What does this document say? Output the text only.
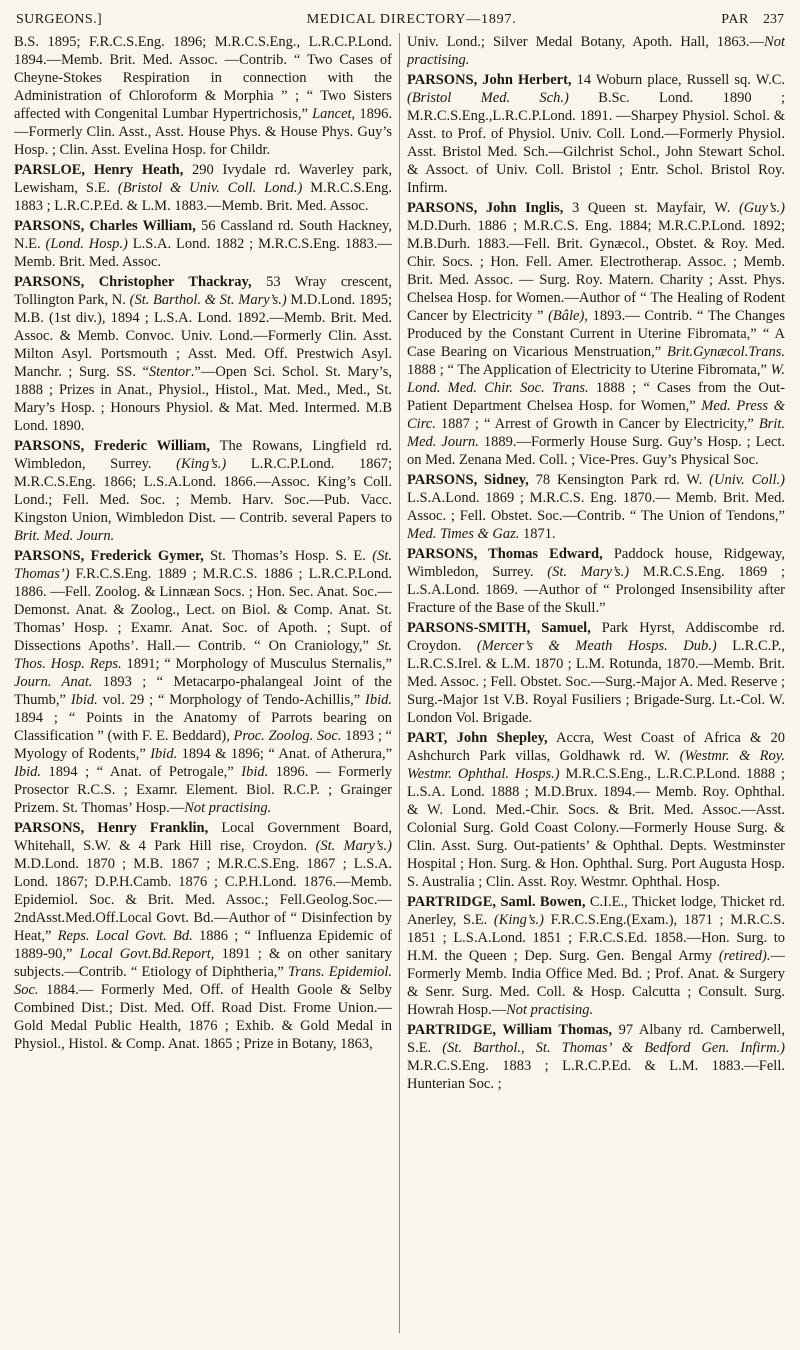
SURGEONS.]	MEDICAL DIRECTORY—1897.	PAR 237

B.S. 1895; F.R.C.S.Eng. 1896; M.R.C.S.Eng., L.R.C.P.Lond. 1894.—Memb. Brit. Med. Assoc. —Contrib. “ Two Cases of Cheyne-Stokes Respiration in connection with the Administration of Chloroform & Morphia ” ; “ Two Sisters affected with Congenital Lumbar Hypertrichosis,” Lancet, 1896.—Formerly Clin. Asst., Asst. House Phys. & House Phys. Guy’s Hosp. ; Clin. Asst. Evelina Hosp. for Childr.

PARSLOE, Henry Heath, 290 Ivydale rd. Waverley park, Lewisham, S.E. (Bristol & Univ. Coll. Lond.) M.R.C.S.Eng. 1883 ; L.R.C.P.Ed. & L.M. 1883.—Memb. Brit. Med. Assoc.

PARSONS, Charles William, 56 Cassland rd. South Hackney, N.E. (Lond. Hosp.) L.S.A. Lond. 1882 ; M.R.C.S.Eng. 1883.—Memb. Brit. Med. Assoc.

PARSONS, Christopher Thackray, 53 Wray crescent, Tollington Park, N. (St. Barthol. & St. Mary’s.) M.D.Lond. 1895; M.B. (1st div.), 1894 ; L.S.A. Lond. 1892.—Memb. Brit. Med. Assoc. & Memb. Convoc. Univ. Lond.—Formerly Clin. Asst. Milton Asyl. Portsmouth ; Asst. Med. Off. Prestwich Asyl. Manchr. ; Surg. SS. “Stentor.”—Open Sci. Schol. St. Mary’s, 1888 ; Prizes in Anat., Physiol., Histol., Mat. Med., Med., St. Mary’s Hosp. ; Honours Physiol. & Mat. Med. Intermed. M.B Lond. 1890.

PARSONS, Frederic William, The Rowans, Lingfield rd. Wimbledon, Surrey. (King’s.) L.R.C.P.Lond. 1867; M.R.C.S.Eng. 1866; L.S.A.Lond. 1866.—Assoc. King’s Coll. Lond.; Fell. Med. Soc. ; Memb. Harv. Soc.—Pub. Vacc. Kingston Union, Wimbledon Dist. — Contrib. several Papers to Brit. Med. Journ.

PARSONS, Frederick Gymer, St. Thomas’s Hosp. S. E. (St. Thomas’) F.R.C.S.Eng. 1889 ; M.R.C.S. 1886 ; L.R.C.P.Lond. 1886. —Fell. Zoolog. & Linnæan Socs. ; Hon. Sec. Anat. Soc.— Demonst. Anat. & Zoolog., Lect. on Biol. & Comp. Anat. St. Thomas’ Hosp. ; Examr. Anat. Soc. of Apoth. ; Supt. of Dissections Apoths’. Hall.— Contrib. “ On Craniology,” St. Thos. Hosp. Reps. 1891; “ Morphology of Musculus Sternalis,” Journ. Anat. 1893 ; “ Metacarpo-phalangeal Joint of the Thumb,” Ibid. vol. 29 ; “ Morphology of Tendo-Achillis,” Ibid. 1894 ; “ Points in the Anatomy of Parrots bearing on Classification ” (with F. E. Beddard), Proc. Zoolog. Soc. 1893 ; “ Myology of Rodents,” Ibid. 1894 & 1896; “ Anat. of Atherura,” Ibid. 1894 ; “ Anat. of Petrogale,” Ibid. 1896. — Formerly Prosector R.C.S. ; Examr. Element. Biol. R.C.P. ; Grainger Prizem. St. Thomas’ Hosp.—Not practising.

PARSONS, Henry Franklin, Local Government Board, Whitehall, S.W. & 4 Park Hill rise, Croydon. (St. Mary’s.) M.D.Lond. 1870 ; M.B. 1867 ; M.R.C.S.Eng. 1867 ; L.S.A. Lond. 1867; D.P.H.Camb. 1876 ; C.P.H.Lond. 1876.—Memb. Epidemiol. Soc. & Brit. Med. Assoc.; Fell.Geolog.Soc.—2ndAsst.Med.Off.Local Govt. Bd.—Author of “ Disinfection by Heat,” Reps. Local Govt. Bd. 1886 ; “ Influenza Epidemic of 1889-90,” Local Govt.Bd.Report, 1891 ; & on other sanitary subjects.—Contrib. “ Etiology of Diphtheria,” Trans. Epidemiol. Soc. 1884.— Formerly Med. Off. of Health Goole & Selby Combined Dist.; Dist. Med. Off. Road Dist. Frome Union.—Gold Medal Public Health, 1876 ; Exhib. & Gold Medal in Physiol., Histol. & Comp. Anat. 1865 ; Prize in Botany, 1863,

Univ. Lond.; Silver Medal Botany, Apoth. Hall, 1863.—Not practising.

PARSONS, John Herbert, 14 Woburn place, Russell sq. W.C. (Bristol Med. Sch.) B.Sc. Lond. 1890 ; M.R.C.S.Eng.,L.R.C.P.Lond. 1891. —Sharpey Physiol. Schol. & Asst. to Prof. of Physiol. Univ. Coll. Lond.—Formerly Physiol. Asst. Bristol Med. Sch.—Gilchrist Schol., John Stewart Schol. & Assoct. of Univ. Coll. Bristol ; Entr. Schol. Bristol Roy. Infirm.

PARSONS, John Inglis, 3 Queen st. Mayfair, W. (Guy’s.) M.D.Durh. 1886 ; M.R.C.S. Eng. 1884; M.R.C.P.Lond. 1892; M.B.Durh. 1883.—Fell. Brit. Gynæcol., Obstet. & Roy. Med. Chir. Socs. ; Hon. Fell. Amer. Electrotherap. Assoc. ; Memb. Brit. Med. Assoc. — Surg. Roy. Matern. Charity ; Asst. Phys. Chelsea Hosp. for Women.—Author of “ The Healing of Rodent Cancer by Electricity ” (Bâle), 1893.— Contrib. “ The Changes Produced by the Constant Current in Uterine Fibromata,” “ A Case Bearing on Vicarious Menstruation,” Brit.Gynæcol.Trans. 1888 ; “ The Application of Electricity to Uterine Fibromata,” W. Lond. Med. Chir. Soc. Trans. 1888 ; “ Cases from the Out-Patient Department Chelsea Hosp. for Women,” Med. Press & Circ. 1887 ; “ Arrest of Growth in Cancer by Electricity,” Brit. Med. Journ. 1889.—Formerly House Surg. Guy’s Hosp. ; Lect. on Med. Zenana Med. Coll. ; Vice-Pres. Guy’s Physical Soc.

PARSONS, Sidney, 78 Kensington Park rd. W. (Univ. Coll.) L.S.A.Lond. 1869 ; M.R.C.S. Eng. 1870.— Memb. Brit. Med. Assoc. ; Fell. Obstet. Soc.—Contrib. “ The Union of Tendons,” Med. Times & Gaz. 1871.

PARSONS, Thomas Edward, Paddock house, Ridgeway, Wimbledon, Surrey. (St. Mary’s.) M.R.C.S.Eng. 1869 ; L.S.A.Lond. 1869. —Author of “ Prolonged Insensibility after Fracture of the Base of the Skull.”

PARSONS-SMITH, Samuel, Park Hyrst, Addiscombe rd. Croydon. (Mercer’s & Meath Hosps. Dub.) L.R.C.P., L.R.C.S.Irel. & L.M. 1870 ; L.M. Rotunda, 1870.—Memb. Brit. Med. Assoc. ; Fell. Obstet. Soc.—Surg.-Major A. Med. Reserve ; Surg.-Major 1st V.B. Royal Fusiliers ; Brigade-Surg. Lt.-Col. W. London Vol. Brigade.

PART, John Shepley, Accra, West Coast of Africa & 20 Ashchurch Park villas, Goldhawk rd. W. (Westmr. & Roy. Westmr. Ophthal. Hosps.) M.R.C.S.Eng., L.R.C.P.Lond. 1888 ; L.S.A. Lond. 1888 ; M.D.Brux. 1894.— Memb. Roy. Ophthal. & W. Lond. Med.-Chir. Socs. & Brit. Med. Assoc.—Asst. Colonial Surg. Gold Coast Colony.—Formerly House Surg. & Clin. Asst. Surg. Out-patients’ & Ophthal. Depts. Westminster Hospital ; Hon. Surg. & Hon. Ophthal. Surg. Port Augusta Hosp. S. Australia ; Clin. Asst. Roy. Westmr. Ophthal. Hosp.

PARTRIDGE, Saml. Bowen, C.I.E., Thicket lodge, Thicket rd. Anerley, S.E. (King’s.) F.R.C.S.Eng.(Exam.), 1871 ; M.R.C.S. 1851 ; L.S.A.Lond. 1851 ; F.R.C.S.Ed. 1858.—Hon. Surg. to H.M. the Queen ; Dep. Surg. Gen. Bengal Army (retired).—Formerly Memb. India Office Med. Bd. ; Prof. Anat. & Surgery & Senr. Surg. Med. Coll. & Hosp. Calcutta ; Consult. Surg. Howrah Hosp.—Not practising.

PARTRIDGE, William Thomas, 97 Albany rd. Camberwell, S.E. (St. Barthol., St. Thomas’ & Bedford Gen. Infirm.) M.R.C.S.Eng. 1883 ; L.R.C.P.Ed. & L.M. 1883.—Fell. Hunterian Soc. ;
